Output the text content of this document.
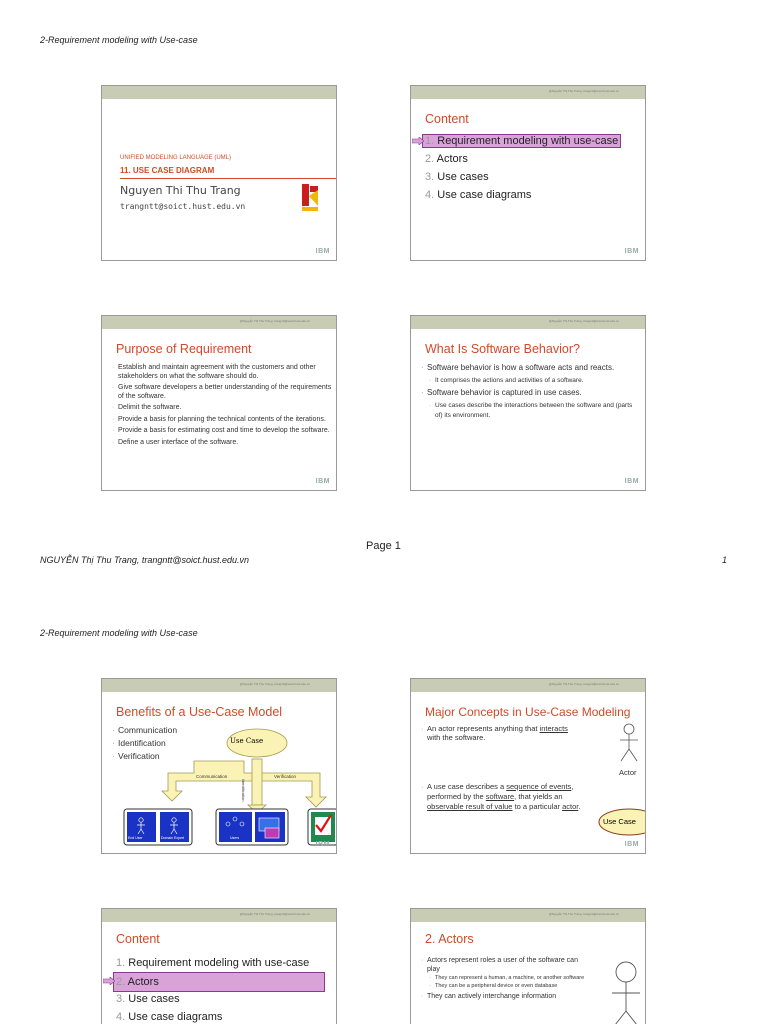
2-Requirement modeling with Use-case
UNIFIED MODELING LANGUAGE (UML)
11. USE CASE DIAGRAM
Nguyen Thi Thu Trang
trangntt@soict.hust.edu.vn
IBM
@Nguyễn Thị Thu Trang, trangntt@soict.hust.edu.vn
Content
1. Requirement modeling with use-case
2. Actors
3. Use cases
4. Use case diagrams
IBM
@Nguyễn Thị Thu Trang, trangntt@soict.hust.edu.vn
Purpose of Requirement
· Establish and maintain agreement with the customers and other stakeholders on what the software should do.
· Give software developers a better understanding of the requirements of the software.
· Delimit the software.
· Provide a basis for planning the technical contents of the iterations.
· Provide a basis for estimating cost and time to develop the software.
· Define a user interface of the software.
IBM
@Nguyễn Thị Thu Trang, trangntt@soict.hust.edu.vn
What Is Software Behavior?
· Software behavior is how a software acts and reacts.
· It comprises the actions and activities of a software.
· Software behavior is captured in use cases.
· Use cases describe the interactions between the software and (parts of) its environment.
IBM
Page 1
NGUYỄN Thị Thu Trang, trangntt@soict.hust.edu.vn	1
2-Requirement modeling with Use-case
@Nguyễn Thị Thu Trang, trangntt@soict.hust.edu.vn
Benefits of a Use-Case Model
· Communication
· Identification
· Verification
Use Case
Communication	Verification
Identification
End User	Domain Expert	Users
IBM
@Nguyễn Thị Thu Trang, trangntt@soict.hust.edu.vn
Major Concepts in Use-Case Modeling
· An actor represents anything that interacts with the software.
Actor
· A use case describes a sequence of events, performed by the software, that yields an observable result of value to a particular actor.
Use Case
IBM
@Nguyễn Thị Thu Trang, trangntt@soict.hust.edu.vn
Content
1. Requirement modeling with use-case
2. Actors
3. Use cases
4. Use case diagrams
@Nguyễn Thị Thu Trang, trangntt@soict.hust.edu.vn
2. Actors
· Actors represent roles a user of the software can play
· They can represent a human, a machine, or another software
· They can be a peripheral device or even database
· They can actively interchange information
